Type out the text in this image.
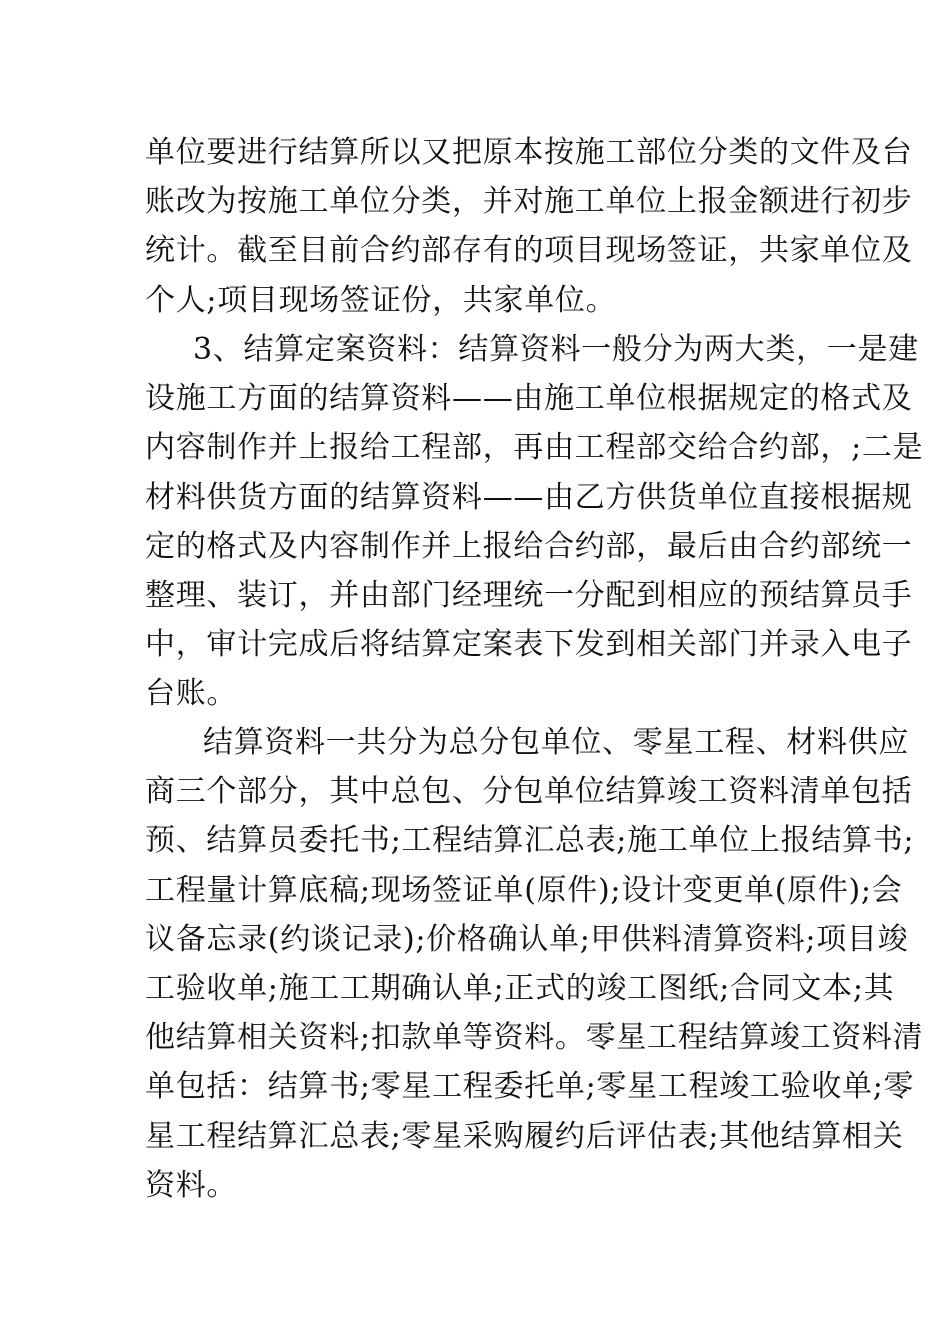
单位要进行结算所以又把原本按施工部位分类的文件及台
账改为按施工单位分类，并对施工单位上报金额进行初步
统计。截至目前合约部存有的项目现场签证，共家单位及
个人;项目现场签证份，共家单位。
3、结算定案资料：结算资料一般分为两大类，一是建
设施工方面的结算资料——由施工单位根据规定的格式及
内容制作并上报给工程部，再由工程部交给合约部，;二是
材料供货方面的结算资料——由乙方供货单位直接根据规
定的格式及内容制作并上报给合约部，最后由合约部统一
整理、装订，并由部门经理统一分配到相应的预结算员手
中，审计完成后将结算定案表下发到相关部门并录入电子
台账。
结算资料一共分为总分包单位、零星工程、材料供应
商三个部分，其中总包、分包单位结算竣工资料清单包括
预、结算员委托书;工程结算汇总表;施工单位上报结算书;
工程量计算底稿;现场签证单(原件);设计变更单(原件);会
议备忘录(约谈记录);价格确认单;甲供料清算资料;项目竣
工验收单;施工工期确认单;正式的竣工图纸;合同文本;其
他结算相关资料;扣款单等资料。零星工程结算竣工资料清
单包括：结算书;零星工程委托单;零星工程竣工验收单;零
星工程结算汇总表;零星采购履约后评估表;其他结算相关
资料。
